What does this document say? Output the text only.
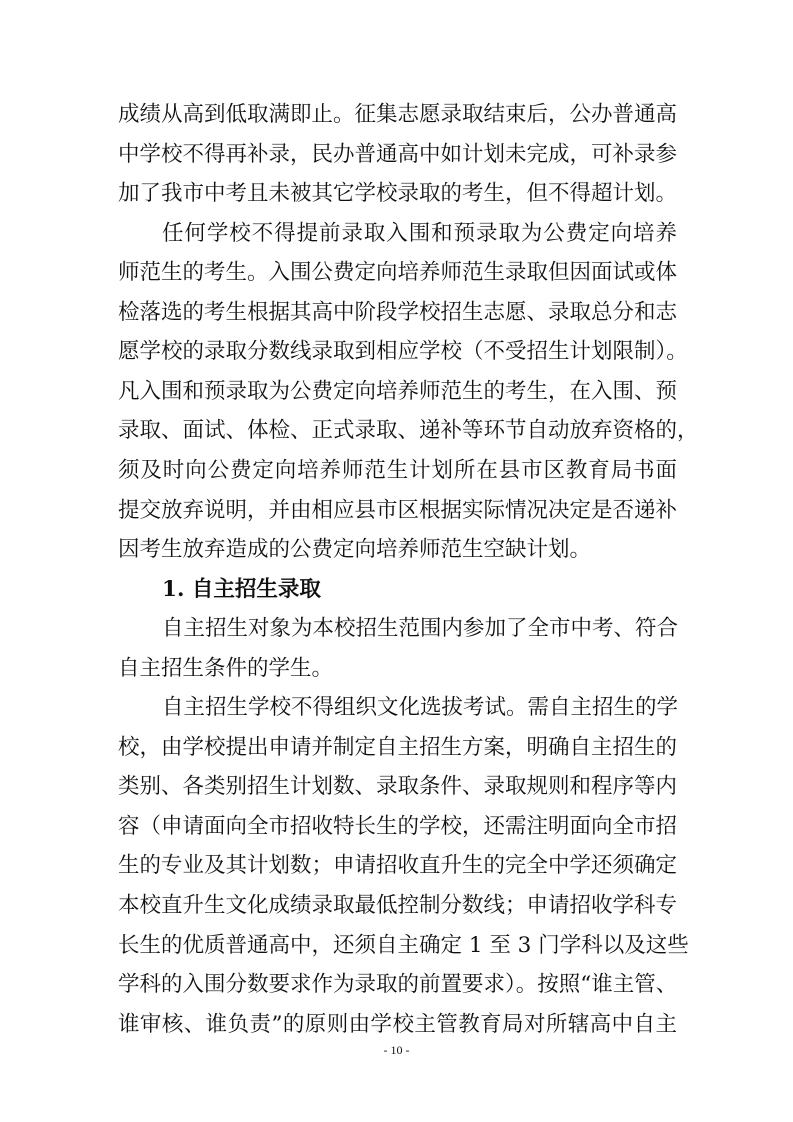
成绩从高到低取满即止。征集志愿录取结束后，公办普通高
中学校不得再补录，民办普通高中如计划未完成，可补录参
加了我市中考且未被其它学校录取的考生，但不得超计划。
任何学校不得提前录取入围和预录取为公费定向培养
师范生的考生。入围公费定向培养师范生录取但因面试或体
检落选的考生根据其高中阶段学校招生志愿、录取总分和志
愿学校的录取分数线录取到相应学校（不受招生计划限制）。
凡入围和预录取为公费定向培养师范生的考生，在入围、预
录取、面试、体检、正式录取、递补等环节自动放弃资格的，
须及时向公费定向培养师范生计划所在县市区教育局书面
提交放弃说明，并由相应县市区根据实际情况决定是否递补
因考生放弃造成的公费定向培养师范生空缺计划。
1. 自主招生录取
自主招生对象为本校招生范围内参加了全市中考、符合
自主招生条件的学生。
自主招生学校不得组织文化选拔考试。需自主招生的学
校，由学校提出申请并制定自主招生方案，明确自主招生的
类别、各类别招生计划数、录取条件、录取规则和程序等内
容（申请面向全市招收特长生的学校，还需注明面向全市招
生的专业及其计划数；申请招收直升生的完全中学还须确定
本校直升生文化成绩录取最低控制分数线；申请招收学科专
长生的优质普通高中，还须自主确定 1 至 3 门学科以及这些
学科的入围分数要求作为录取的前置要求）。按照“谁主管、
谁审核、谁负责”的原则由学校主管教育局对所辖高中自主
- 10 -
